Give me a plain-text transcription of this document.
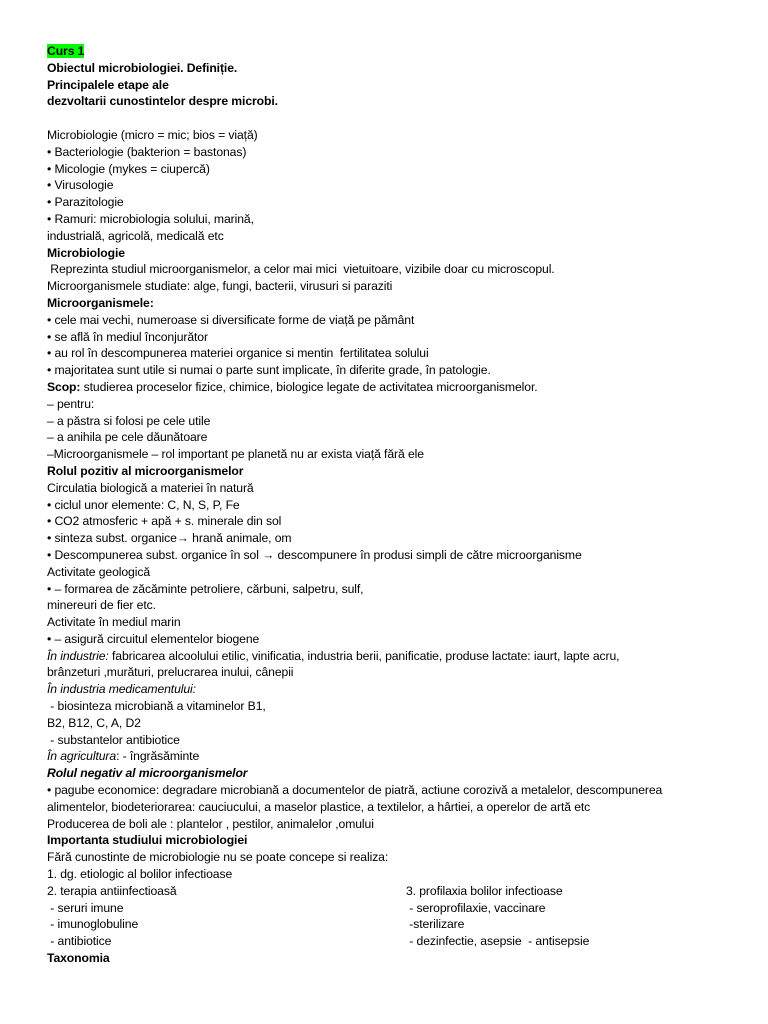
Curs 1
Obiectul microbiologiei. Definiție.
Principalele etape ale
dezvoltarii cunostintelor despre microbi.
Microbiologie (micro = mic; bios = viață)
• Bacteriologie (bakterion = bastonas)
• Micologie (mykes = ciupercă)
• Virusologie
• Parazitologie
• Ramuri: microbiologia solului, marină,
industrială, agricolă, medicală etc
Microbiologie
Reprezinta studiul microorganismelor, a celor mai mici  vietuitoare, vizibile doar cu microscopul.
Microorganismele studiate: alge, fungi, bacterii, virusuri si paraziti
Microorganismele:
• cele mai vechi, numeroase si diversificate forme de viață pe pământ
• se află în mediul înconjurător
• au rol în descompunerea materiei organice si mentin  fertilitatea solului
• majoritatea sunt utile si numai o parte sunt implicate, în diferite grade, în patologie.
Scop: studierea proceselor fizice, chimice, biologice legate de activitatea microorganismelor.
– pentru:
– a păstra si folosi pe cele utile
– a anihila pe cele dăunătoare
–Microorganismele – rol important pe planetă nu ar exista viață fără ele
Rolul pozitiv al microorganismelor
Circulatia biologică a materiei în natură
• ciclul unor elemente: C, N, S, P, Fe
• CO2 atmosferic + apă + s. minerale din sol
• sinteza subst. organice→ hrană animale, om
• Descompunerea subst. organice în sol → descompunere în produsi simpli de către microorganisme
Activitate geologică
• – formarea de zăcăminte petroliere, cărbuni, salpetru, sulf,
minereuri de fier etc.
Activitate în mediul marin
• – asigură circuitul elementelor biogene
În industrie: fabricarea alcoolului etilic, vinificatia, industria berii, panificatie, produse lactate: iaurt, lapte acru,
brânzeturi ,murături, prelucrarea inului, cânepii
În industria medicamentului:
- biosinteza microbiană a vitaminelor B1,
B2, B12, C, A, D2
- substantelor antibiotice
În agricultura: - îngrăsăminte
Rolul negativ al microorganismelor
• pagube economice: degradare microbiană a documentelor de piatră, actiune corozivă a metalelor, descompunerea
alimentelor, biodeteriorarea: cauciucului, a maselor plastice, a textilelor, a hârtiei, a operelor de artă etc
Producerea de boli ale : plantelor , pestilor, animalelor ,omului
Importanta studiului microbiologiei
Fără cunostinte de microbiologie nu se poate concepe si realiza:
1. dg. etiologic al bolilor infectioase
2. terapia antiinfectioasă	3. profilaxia bolilor infectioase
- seruri imune	- seroprofilaxie, vaccinare
- imunoglobuline	-sterilizare
- antibiotice	- dezinfectie, asepsie  - antisepsie
Taxonomia
